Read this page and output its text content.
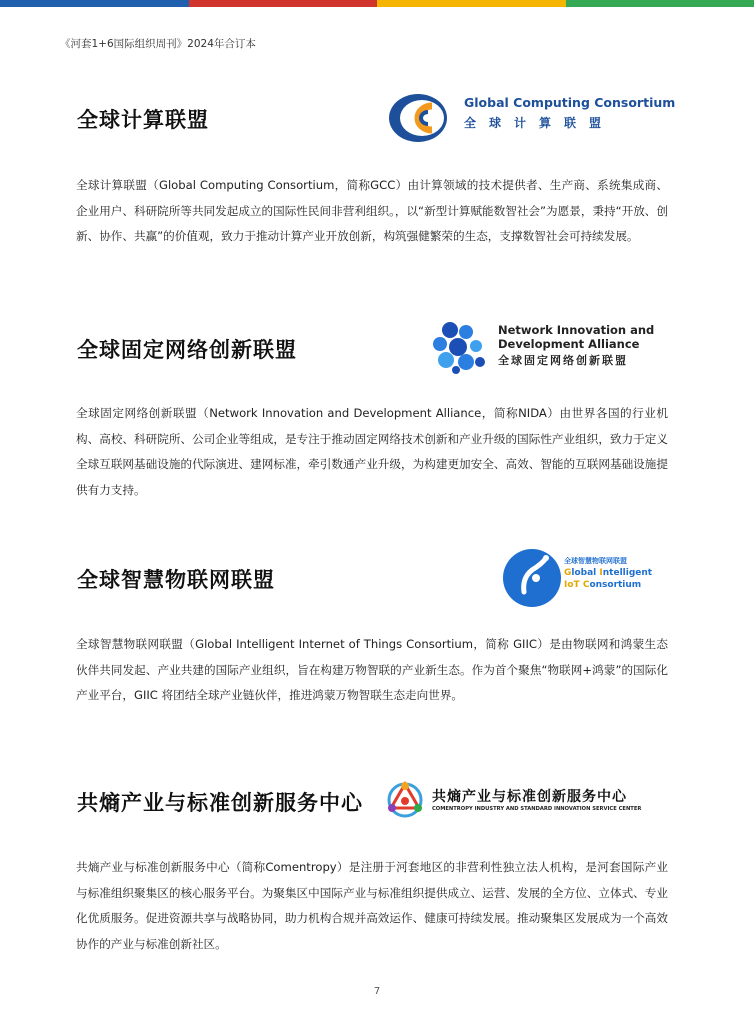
《河套1+6国际组织周刊》2024年合订本
全球计算联盟
Global Computing Consortium
全球计算联盟
全球计算联盟（Global Computing Consortium，简称GCC）由计算领域的技术提供者、生产商、系统集成商、企业用户、科研院所等共同发起成立的国际性民间非营利组织。，以“新型计算赋能数智社会”为愿景，秉持“开放、创新、协作、共赢”的价值观，致力于推动计算产业开放创新，构筑强健繁荣的生态，支撑数智社会可持续发展。
全球固定网络创新联盟
Network Innovation and
Development Alliance
全球固定网络创新联盟
全球固定网络创新联盟（Network Innovation and Development Alliance，简称NIDA）由世界各国的行业机构、高校、科研院所、公司企业等组成，是专注于推动固定网络技术创新和产业升级的国际性产业组织，致力于定义全球互联网基础设施的代际演进、建网标准，牵引数通产业升级，为构建更加安全、高效、智能的互联网基础设施提供有力支持。
全球智慧物联网联盟
全球智慧物联网联盟
Global Intelligent
IoT Consortium
全球智慧物联网联盟（Global Intelligent Internet of Things Consortium，简称 GIIC）是由物联网和鸿蒙生态伙伴共同发起、产业共建的国际产业组织，旨在构建万物智联的产业新生态。作为首个聚焦“物联网+鸿蒙”的国际化产业平台，GIIC 将团结全球产业链伙伴，推进鸿蒙万物智联生态走向世界。
共熵产业与标准创新服务中心	共熵产业与标准创新服务中心
COMENTROPY INDUSTRY AND STANDARD INNOVATION SERVICE CENTER
共熵产业与标准创新服务中心（简称Comentropy）是注册于河套地区的非营利性独立法人机构，是河套国际产业与标准组织聚集区的核心服务平台。为聚集区中国际产业与标准组织提供成立、运营、发展的全方位、立体式、专业化优质服务。促进资源共享与战略协同，助力机构合规并高效运作、健康可持续发展。推动聚集区发展成为一个高效协作的产业与标准创新社区。
7
